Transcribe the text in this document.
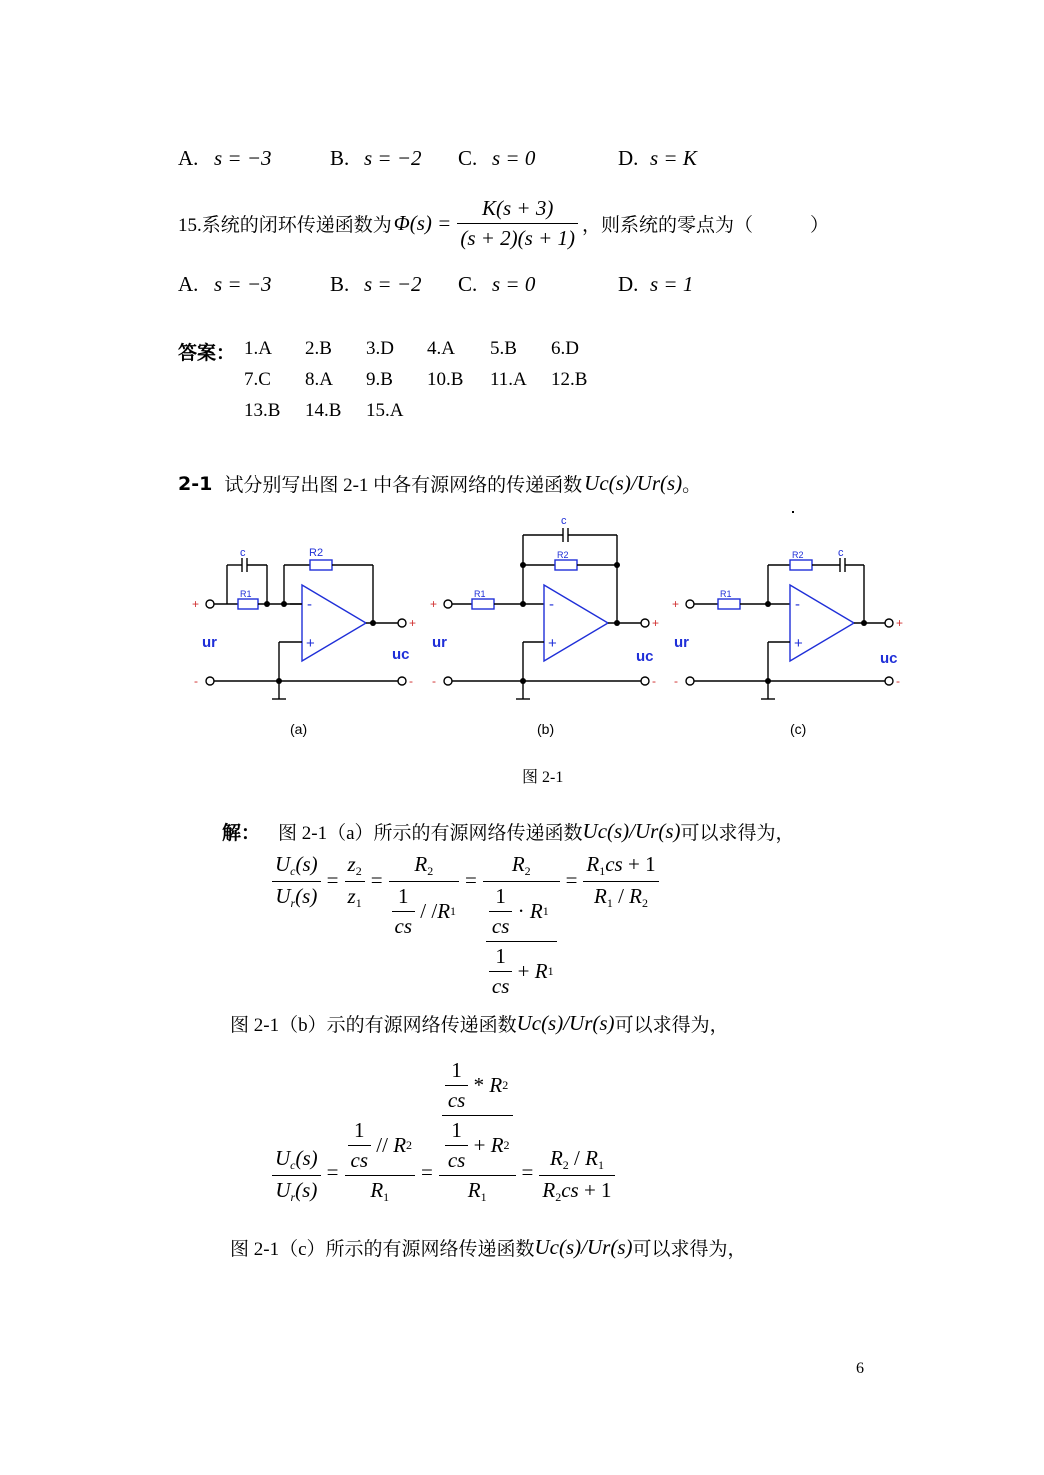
A. s = −3	B. s = −2 C. s = 0	D. s = K
15.系统的闭环传递函数为 $\Phi(s) = \frac{K(s + 3)}{(s + 2)(s + 1)}$ ，则系统的零点为（　　　）
A. s = −3	B. s = −2 C. s = 0	D. s = 1
答案： 1.A 2.B 3.D 4.A 5.B 6.D
7.C 8.A 9.B 10.B 11.A 12.B
13.B 14.B 15.A
2-1 试分别写出图 2-1 中各有源网络的传递函数 Uc(s)/Ur(s) 。
c	R2
R1
-
+
+
-
+
-
ur
uc
c
R2
R1
-
+
+
-
+
-
ur
uc
R2	c
R1
-
+
+
-
+
-
ur
uc
(a)	(b)	(c)
图 2-1
解： 图 2-1（a）所示的有源网络传递函数 Uc(s)/Ur(s) 可以求得为，
$\frac{U_c(s)}{U_r(s)} = \frac{z2}{z1} = \frac{R2}{\frac{1}{cs} / / R 1} = \frac{R2}{\frac{\frac{1}{cs} \cdot R 1}{\frac{1}{cs} + R 1}} = \frac{R1cs + 1}{R1 / R2}$
图 2-1（b）示的有源网络传递函数 Uc(s)/Ur(s) 可以求得为，
$\frac{U_c(s)}{U_r(s)} = \frac{\frac{1}{cs} // R 2}{R1} = \frac{\frac{\frac{1}{cs} * R 2}{\frac{1}{cs} + R 2}}{R1} = \frac{R2 / R1}{R2cs + 1}$
图 2-1（c）所示的有源网络传递函数 Uc(s)/Ur(s) 可以求得为，
6
